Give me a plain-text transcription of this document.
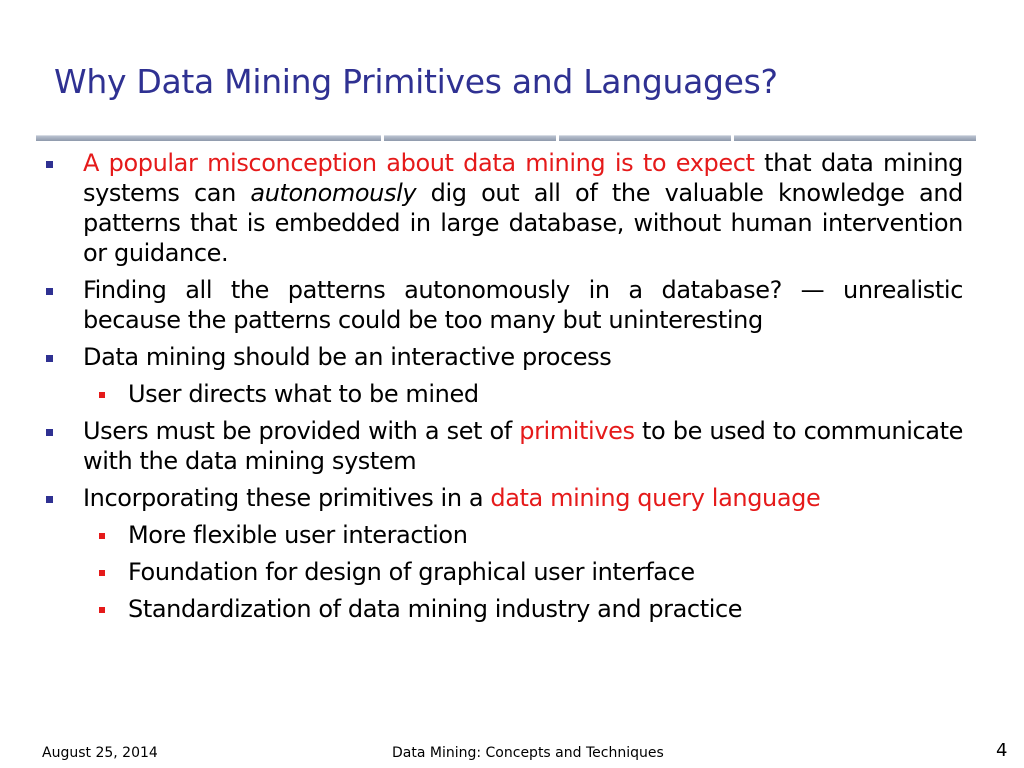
Why Data Mining Primitives and Languages?
A popular misconception about data mining is to expect that data mining systems can autonomously dig out all of the valuable knowledge and patterns that is embedded in large database, without human intervention or guidance.
Finding all the patterns autonomously in a database? — unrealistic because the patterns could be too many but uninteresting
Data mining should be an interactive process
User directs what to be mined
Users must be provided with a set of primitives to be used to communicate with the data mining system
Incorporating these primitives in a data mining query language
More flexible user interaction
Foundation for design of graphical user interface
Standardization of data mining industry and practice
August 25, 2014	Data Mining: Concepts and Techniques	4
